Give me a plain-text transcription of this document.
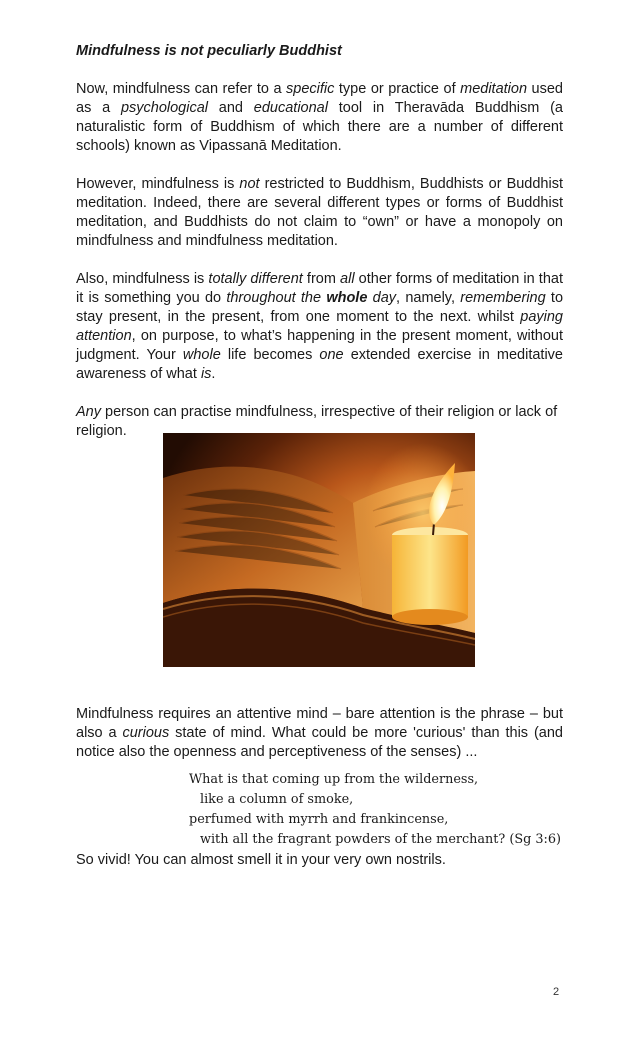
Mindfulness is not peculiarly Buddhist

Now, mindfulness can refer to a specific type or practice of meditation used as a psychological and educational tool in Theravāda Buddhism (a naturalistic form of Buddhism of which there are a number of different schools) known as Vipassanā Meditation.

However, mindfulness is not restricted to Buddhism, Buddhists or Buddhist meditation. Indeed, there are several different types or forms of Buddhist meditation, and Buddhists do not claim to “own” or have a monopoly on mindfulness and mindfulness meditation.

Also, mindfulness is totally different from all other forms of meditation in that it is something you do throughout the whole day, namely, remembering to stay present, in the present, from one moment to the next. whilst paying attention, on purpose, to what’s happening in the present moment, without judgment. Your whole life becomes one extended exercise in meditative awareness of what is.

Any person can practise mindfulness, irrespective of their religion or lack of religion.

Mindfulness requires an attentive mind – bare attention is the phrase – but also a curious state of mind. What could be more 'curious' than this (and notice also the openness and perceptiveness of the senses) ...

What is that coming up from the wilderness,
like a column of smoke,
perfumed with myrrh and frankincense,
with all the fragrant powders of the merchant? (Sg 3:6)

So vivid! You can almost smell it in your very own nostrils.

2
